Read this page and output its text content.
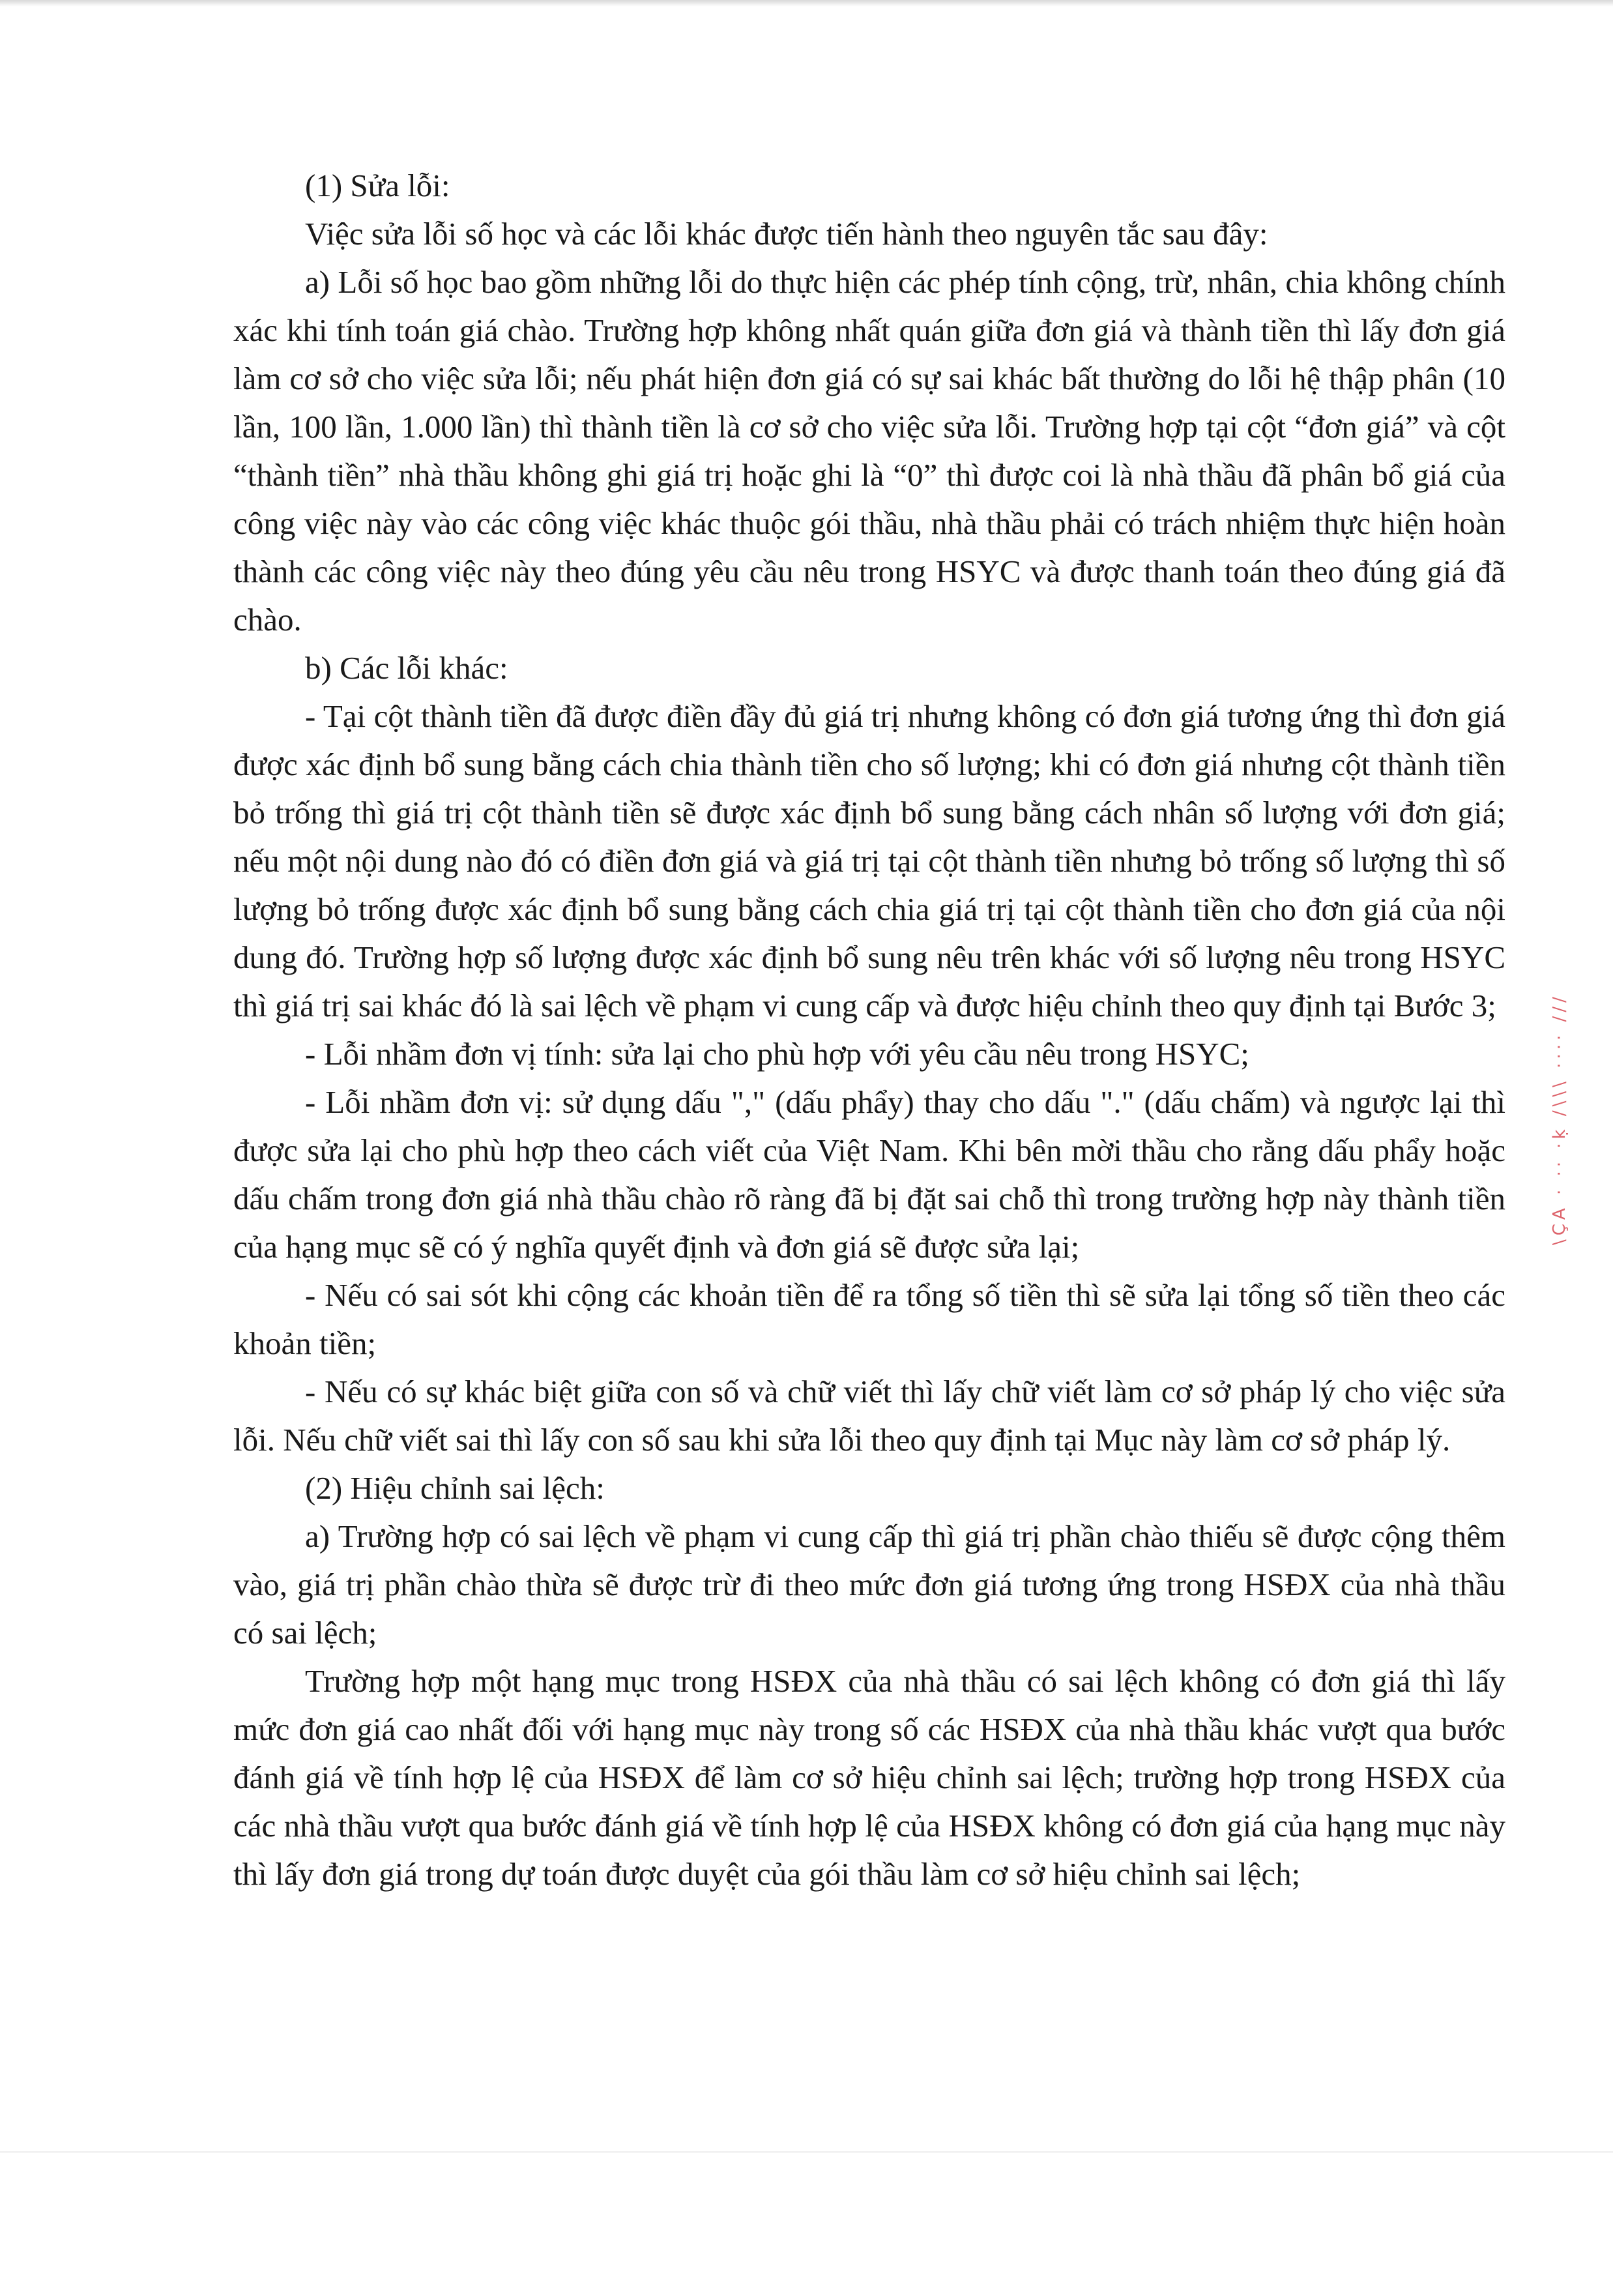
(1) Sửa lỗi:

Việc sửa lỗi số học và các lỗi khác được tiến hành theo nguyên tắc sau đây:

a) Lỗi số học bao gồm những lỗi do thực hiện các phép tính cộng, trừ, nhân, chia không chính xác khi tính toán giá chào. Trường hợp không nhất quán giữa đơn giá và thành tiền thì lấy đơn giá làm cơ sở cho việc sửa lỗi; nếu phát hiện đơn giá có sự sai khác bất thường do lỗi hệ thập phân (10 lần, 100 lần, 1.000 lần) thì thành tiền là cơ sở cho việc sửa lỗi. Trường hợp tại cột “đơn giá” và cột “thành tiền” nhà thầu không ghi giá trị hoặc ghi là “0” thì được coi là nhà thầu đã phân bổ giá của công việc này vào các công việc khác thuộc gói thầu, nhà thầu phải có trách nhiệm thực hiện hoàn thành các công việc này theo đúng yêu cầu nêu trong HSYC và được thanh toán theo đúng giá đã chào.

b) Các lỗi khác:

- Tại cột thành tiền đã được điền đầy đủ giá trị nhưng không có đơn giá tương ứng thì đơn giá được xác định bổ sung bằng cách chia thành tiền cho số lượng; khi có đơn giá nhưng cột thành tiền bỏ trống thì giá trị cột thành tiền sẽ được xác định bổ sung bằng cách nhân số lượng với đơn giá; nếu một nội dung nào đó có điền đơn giá và giá trị tại cột thành tiền nhưng bỏ trống số lượng thì số lượng bỏ trống được xác định bổ sung bằng cách chia giá trị tại cột thành tiền cho đơn giá của nội dung đó. Trường hợp số lượng được xác định bổ sung nêu trên khác với số lượng nêu trong HSYC thì giá trị sai khác đó là sai lệch về phạm vi cung cấp và được hiệu chỉnh theo quy định tại Bước 3;

- Lỗi nhầm đơn vị tính: sửa lại cho phù hợp với yêu cầu nêu trong HSYC;

- Lỗi nhầm đơn vị: sử dụng dấu "," (dấu phẩy) thay cho dấu "." (dấu chấm) và ngược lại thì được sửa lại cho phù hợp theo cách viết của Việt Nam. Khi bên mời thầu cho rằng dấu phẩy hoặc dấu chấm trong đơn giá nhà thầu chào rõ ràng đã bị đặt sai chỗ thì trong trường hợp này thành tiền của hạng mục sẽ có ý nghĩa quyết định và đơn giá sẽ được sửa lại;

- Nếu có sai sót khi cộng các khoản tiền để ra tổng số tiền thì sẽ sửa lại tổng số tiền theo các khoản tiền;

- Nếu có sự khác biệt giữa con số và chữ viết thì lấy chữ viết làm cơ sở pháp lý cho việc sửa lỗi. Nếu chữ viết sai thì lấy con số sau khi sửa lỗi theo quy định tại Mục này làm cơ sở pháp lý.

(2) Hiệu chỉnh sai lệch:

a) Trường hợp có sai lệch về phạm vi cung cấp thì giá trị phần chào thiếu sẽ được cộng thêm vào, giá trị phần chào thừa sẽ được trừ đi theo mức đơn giá tương ứng trong HSĐX của nhà thầu có sai lệch;

Trường hợp một hạng mục trong HSĐX của nhà thầu có sai lệch không có đơn giá thì lấy mức đơn giá cao nhất đối với hạng mục này trong số các HSĐX của nhà thầu khác vượt qua bước đánh giá về tính hợp lệ của HSĐX để làm cơ sở hiệu chỉnh sai lệch; trường hợp trong HSĐX của các nhà thầu vượt qua bước đánh giá về tính hợp lệ của HSĐX không có đơn giá của hạng mục này thì lấy đơn giá trong dự toán được duyệt của gói thầu làm cơ sở hiệu chỉnh sai lệch;

\ÇA · ·· ·ḳ /\\\ ···· ///
